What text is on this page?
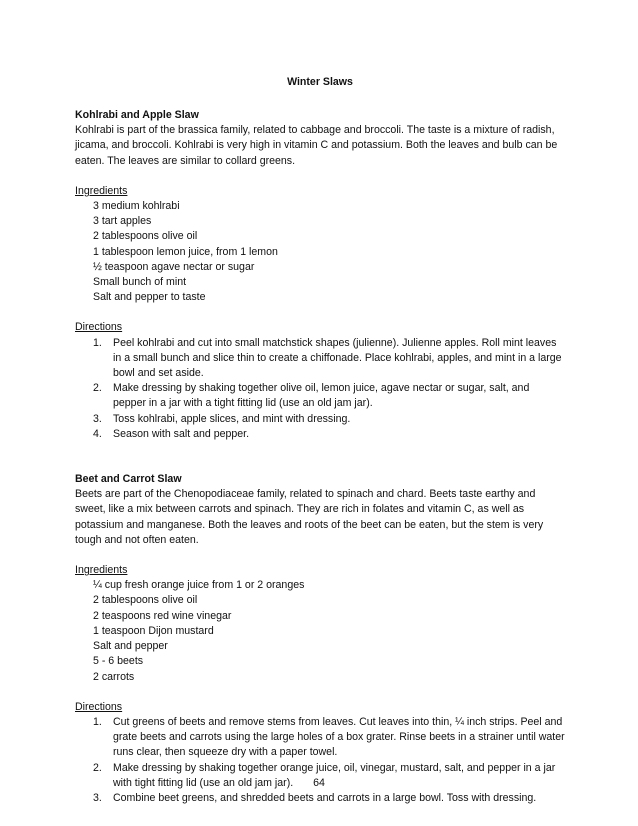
Winter Slaws

Kohlrabi and Apple Slaw

Kohlrabi is part of the brassica family, related to cabbage and broccoli. The taste is a mixture of radish, jicama, and broccoli. Kohlrabi is very high in vitamin C and potassium. Both the leaves and bulb can be eaten. The leaves are similar to collard greens.

Ingredients

3 medium kohlrabi
3 tart apples
2 tablespoons olive oil
1 tablespoon lemon juice, from 1 lemon
½ teaspoon agave nectar or sugar
Small bunch of mint
Salt and pepper to taste

Directions

1. Peel kohlrabi and cut into small matchstick shapes (julienne). Julienne apples. Roll mint leaves in a small bunch and slice thin to create a chiffonade. Place kohlrabi, apples, and mint in a large bowl and set aside.
2. Make dressing by shaking together olive oil, lemon juice, agave nectar or sugar, salt, and pepper in a jar with a tight fitting lid (use an old jam jar).
3. Toss kohlrabi, apple slices, and mint with dressing.
4. Season with salt and pepper.

Beet and Carrot Slaw

Beets are part of the Chenopodiaceae family, related to spinach and chard. Beets taste earthy and sweet, like a mix between carrots and spinach. They are rich in folates and vitamin C, as well as potassium and manganese. Both the leaves and roots of the beet can be eaten, but the stem is very tough and not often eaten.

Ingredients

¼ cup fresh orange juice from 1 or 2 oranges
2 tablespoons olive oil
2 teaspoons red wine vinegar
1 teaspoon Dijon mustard
Salt and pepper
5 - 6 beets
2 carrots

Directions

1. Cut greens of beets and remove stems from leaves. Cut leaves into thin, ¼ inch strips. Peel and grate beets and carrots using the large holes of a box grater. Rinse beets in a strainer until water runs clear, then squeeze dry with a paper towel.
2. Make dressing by shaking together orange juice, oil, vinegar, mustard, salt, and pepper in a jar with tight fitting lid (use an old jam jar).
3. Combine beet greens, and shredded beets and carrots in a large bowl. Toss with dressing.

64
